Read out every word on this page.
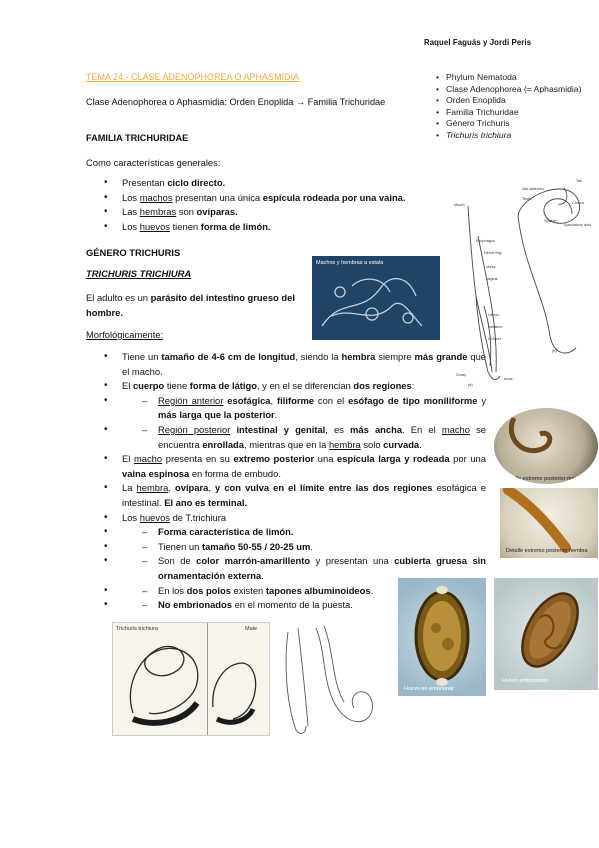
Raquel Faguás y Jordi Peris
TEMA 24.- CLASE ADENOPHOREA O APHASMIDIA
Clase Adenophorea o Aphasmidia: Orden Enoplida → Familia Trichuridae
• Phylum Nematoda
• Clase Adenophorea (= Aphasmidia)
• Orden Enoplida
• Familia Trichuridae
• Género Trichuris
• Trichuris trichiura
FAMILIA TRICHURIDAE
Como características generales:
• Presentan ciclo directo.
• Los machos presentan una única espícula rodeada por una vaina.
• Las hembras son ovíparas.
• Los huevos tienen forma de limón.
GÉNERO TRICHURIS
TRICHURIS TRICHIURA
El adulto es un parásito del intestino grueso del hombre.
Morfológicamente:
• Tiene un tamaño de 4-6 cm de longitud, siendo la hembra siempre más grande que el macho.
• El cuerpo tiene forma de látigo, y en el se diferencian dos regiones:
• – Región anterior esofágica, filiforme con el esófago de tipo moniliforme y más larga que la posterior.
• – Región posterior intestinal y genital, es más ancha. En el macho se encuentra enrollada, mientras que en la hembra solo curvada.
• El macho presenta en su extremo posterior una espícula larga y rodeada por una vaina espinosa en forma de embudo.
• La hembra, ovípara, y con vulva en el límite entre las dos regiones esofágica e intestinal. El ano es terminal.
• Los huevos de T.trichiura
• – Forma característica de limón.
• – Tienen un tamaño 50-55 / 20-25 um.
• – Son de color marrón-amarillento y presentan una cubierta gruesa sin ornamentación externa.
• – En los dos polos existen tapones albuminoideos.
• – No embrionados en el momento de la puesta.
Mouth
Esophagus
Nerve ring
Vulva
Vagina
Uterus
Intestine
Oviduct
Ovary
Anus
Tail
Spicule
Cloaca
Ejaculatory duct
Vas deferens
Testis
(a)
(b)
Machos y hembras a estala
Detalle extremo posterior macho
Detalle extremo posterior hembra
Trichuris trichiura	Male
Huevo en embrionar
Huevo embrionado
